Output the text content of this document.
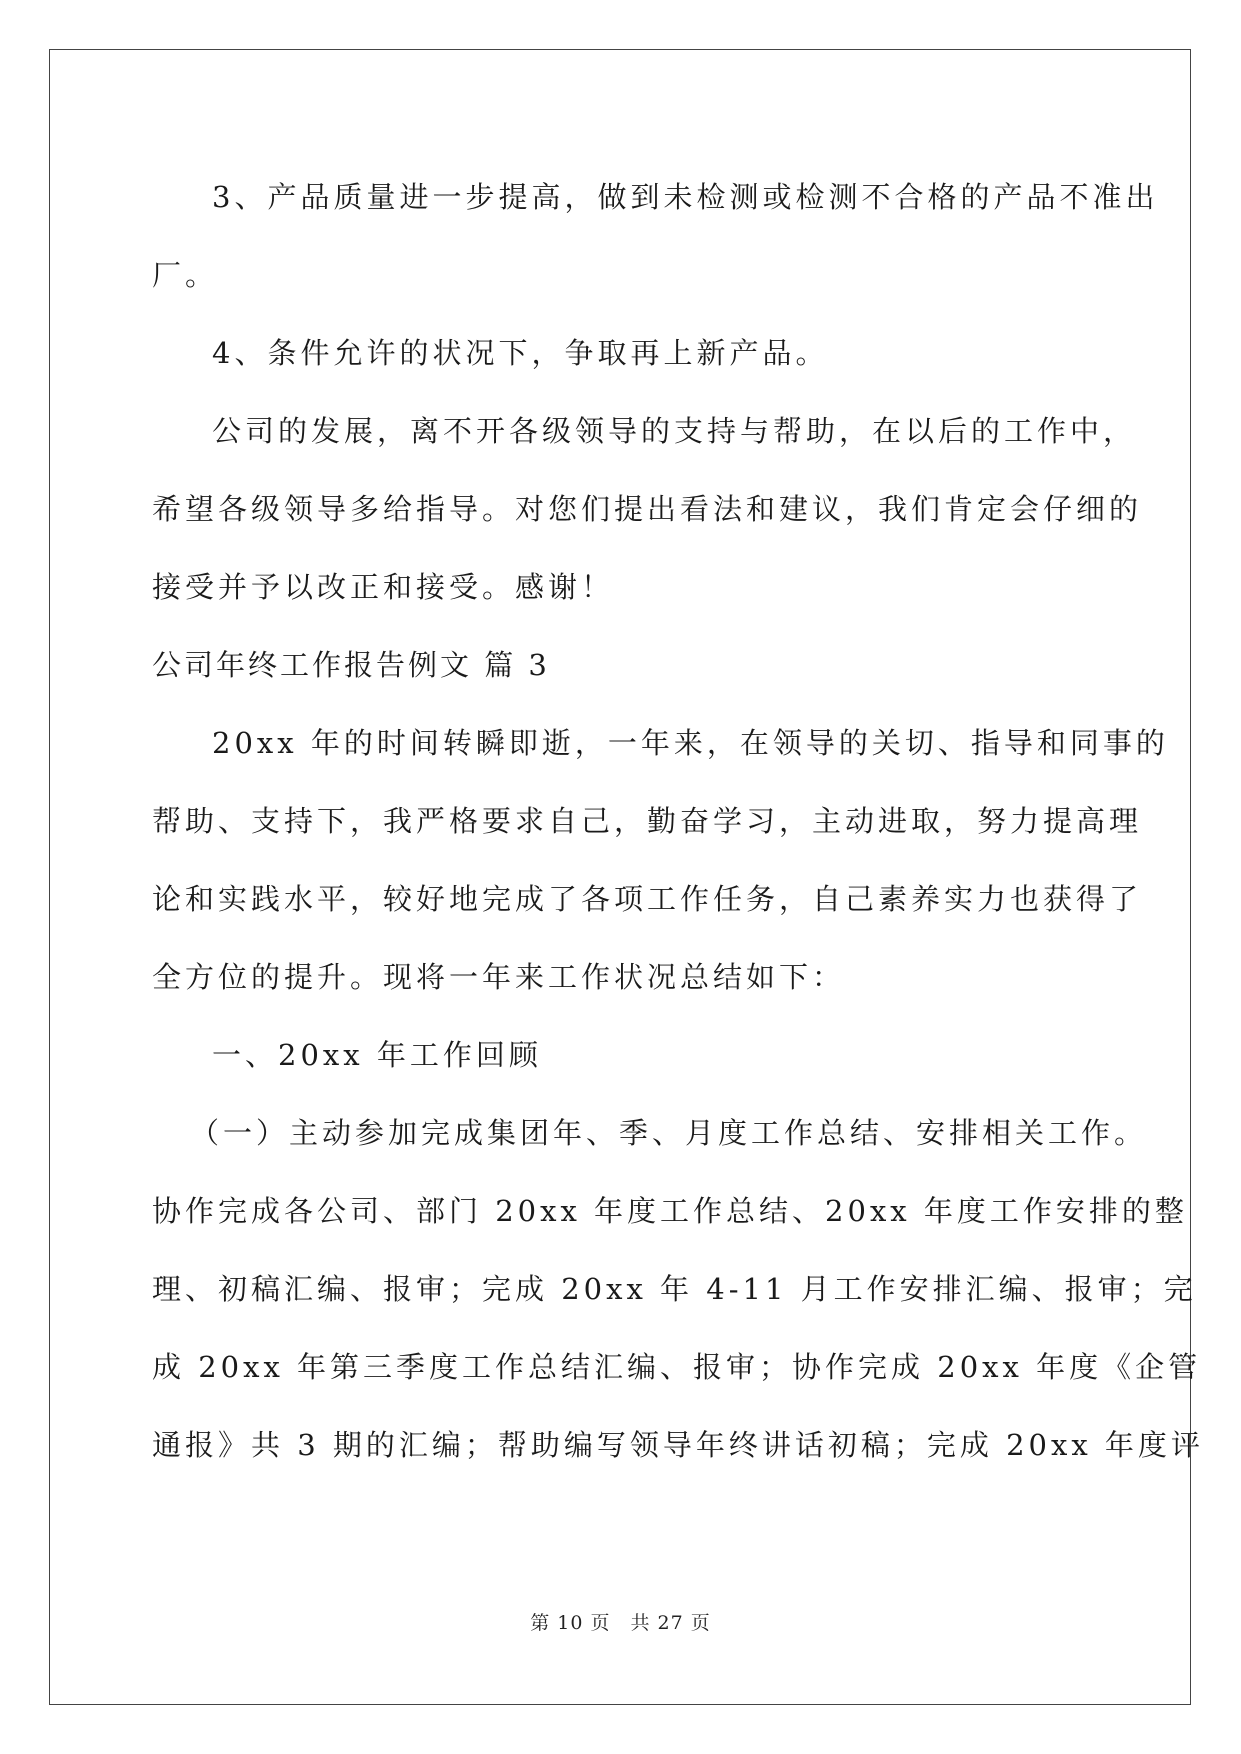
3、产品质量进一步提高，做到未检测或检测不合格的产品不准出
厂。
4、条件允许的状况下，争取再上新产品。
公司的发展，离不开各级领导的支持与帮助，在以后的工作中，
希望各级领导多给指导。对您们提出看法和建议，我们肯定会仔细的
接受并予以改正和接受。感谢！
公司年终工作报告例文 篇 3
20xx 年的时间转瞬即逝，一年来，在领导的关切、指导和同事的
帮助、支持下，我严格要求自己，勤奋学习，主动进取，努力提高理
论和实践水平，较好地完成了各项工作任务，自己素养实力也获得了
全方位的提升。现将一年来工作状况总结如下：
一、20xx 年工作回顾
（一）主动参加完成集团年、季、月度工作总结、安排相关工作。
协作完成各公司、部门 20xx 年度工作总结、20xx 年度工作安排的整
理、初稿汇编、报审；完成 20xx 年 4-11 月工作安排汇编、报审；完
成 20xx 年第三季度工作总结汇编、报审；协作完成 20xx 年度《企管
通报》共 3 期的汇编；帮助编写领导年终讲话初稿；完成 20xx 年度评
第 10 页　共 27 页
